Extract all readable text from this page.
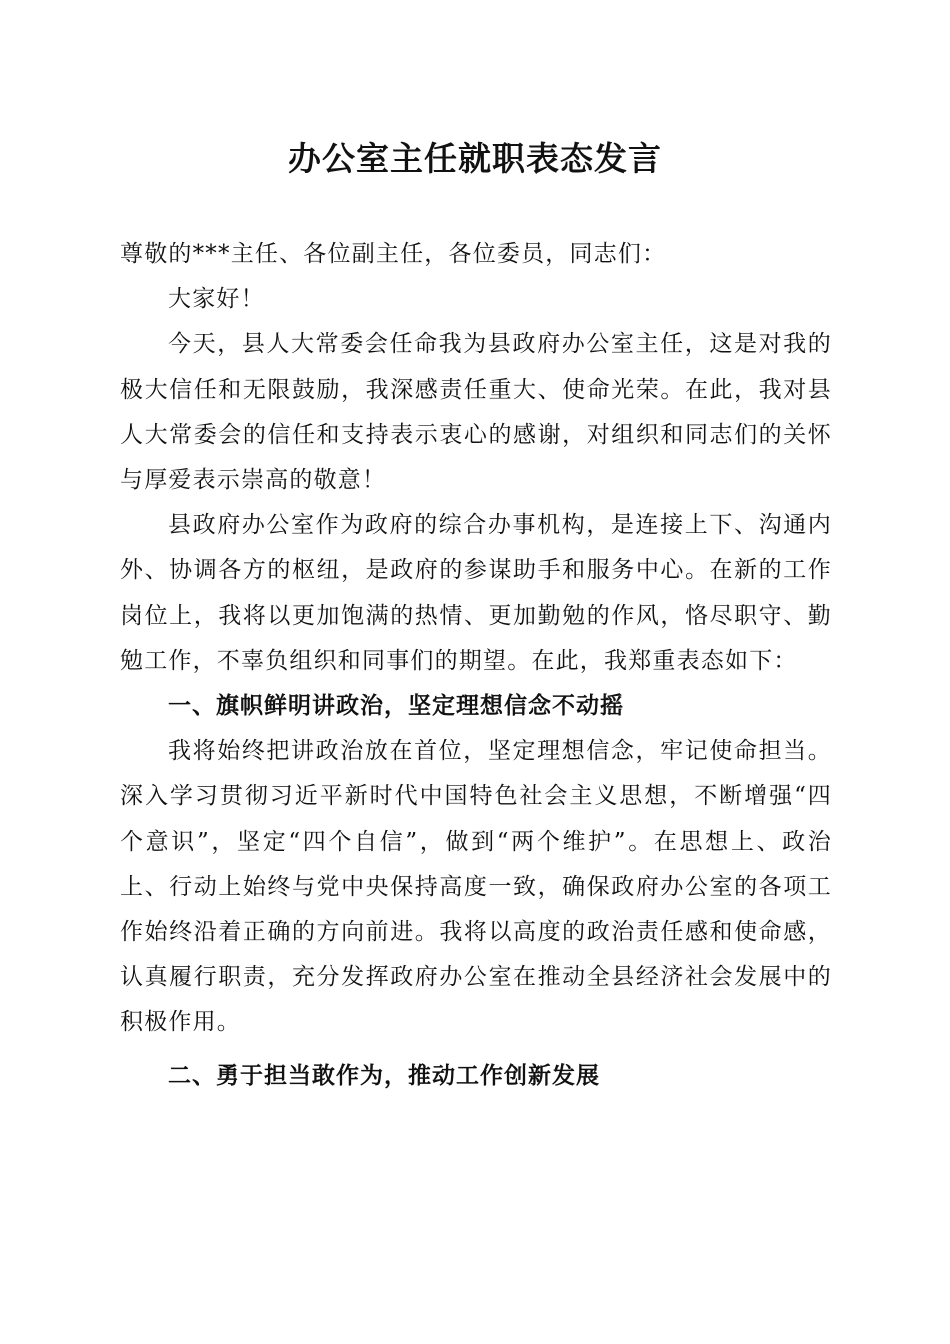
办公室主任就职表态发言

尊敬的***主任、各位副主任，各位委员，同志们：

大家好！

今天，县人大常委会任命我为县政府办公室主任，这是对我的极大信任和无限鼓励，我深感责任重大、使命光荣。在此，我对县人大常委会的信任和支持表示衷心的感谢，对组织和同志们的关怀与厚爱表示崇高的敬意！

县政府办公室作为政府的综合办事机构，是连接上下、沟通内外、协调各方的枢纽，是政府的参谋助手和服务中心。在新的工作岗位上，我将以更加饱满的热情、更加勤勉的作风，恪尽职守、勤勉工作，不辜负组织和同事们的期望。在此，我郑重表态如下：

一、旗帜鲜明讲政治，坚定理想信念不动摇

我将始终把讲政治放在首位，坚定理想信念，牢记使命担当。深入学习贯彻习近平新时代中国特色社会主义思想，不断增强“四个意识”，坚定“四个自信”，做到“两个维护”。在思想上、政治上、行动上始终与党中央保持高度一致，确保政府办公室的各项工作始终沿着正确的方向前进。我将以高度的政治责任感和使命感，认真履行职责，充分发挥政府办公室在推动全县经济社会发展中的积极作用。

二、勇于担当敢作为，推动工作创新发展
